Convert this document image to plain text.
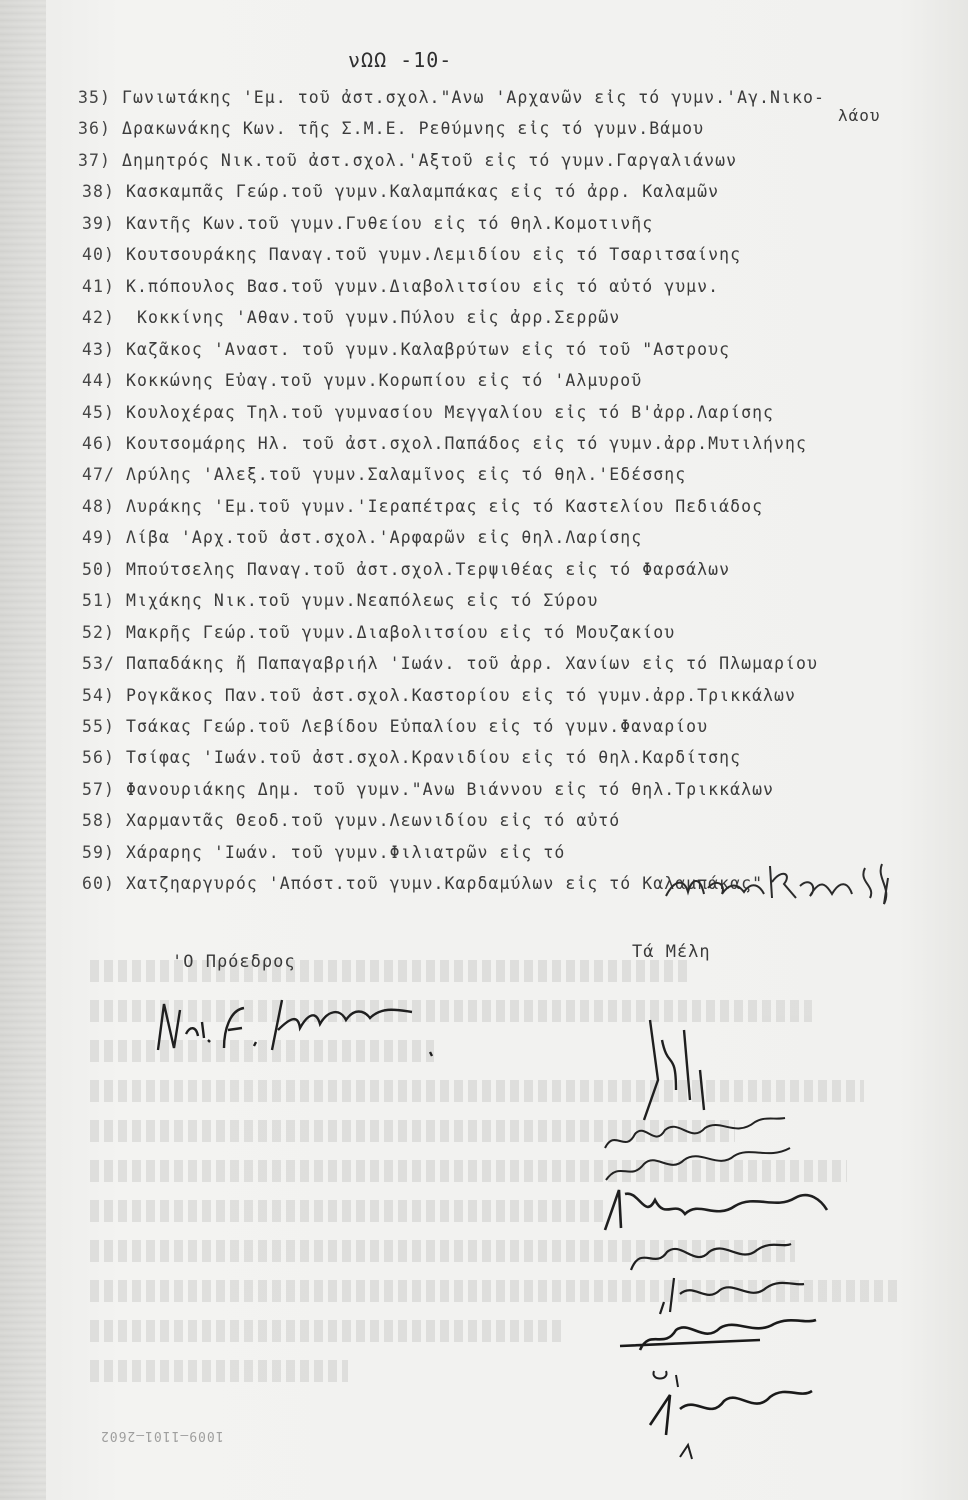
νΩΩ -10-
35) Γωνιωτάκης 'Εμ. τοῦ ἀστ.σχολ."Ανω 'Αρχανῶν εἰς τό γυμν.'Αγ.Νικο-
36) Δρακωνάκης Κων. τῆς Σ.Μ.Ε. Ρεθύμνης εἰς τό γυμν.Βάμου
37) Δημητρός Νικ.τοῦ ἀστ.σχολ.'Αξτοῦ εἰς τό γυμν.Γαργαλιάνων
38) Κασκαμπᾶς Γεώρ.τοῦ γυμν.Καλαμπάκας εἰς τό ἀρρ. Καλαμῶν
39) Καντῆς Κων.τοῦ γυμν.Γυθείου εἰς τό θηλ.Κομοτινῆς
40) Κουτσουράκης Παναγ.τοῦ γυμν.Λεμιδίου εἰς τό Τσαριτσαίνης
41) Κ.πόπουλος Βασ.τοῦ γυμν.Διαβολιτσίου εἰς τό αὐτό γυμν.
42) Κοκκίνης 'Αθαν.τοῦ γυμν.Πύλου εἰς ἀρρ.Σερρῶν
43) Καζᾶκος 'Αναστ. τοῦ γυμν.Καλαβρύτων εἰς τό τοῦ "Αστρους
44) Κοκκώνης Εὐαγ.τοῦ γυμν.Κορωπίου εἰς τό 'Αλμυροῦ
45) Κουλοχέρας Τηλ.τοῦ γυμνασίου Μεγγαλίου εἰς τό Β'ἀρρ.Λαρίσης
46) Κουτσομάρης Ηλ. τοῦ ἀστ.σχολ.Παπάδος εἰς τό γυμν.ἀρρ.Μυτιλήνης
47/ Λρύλης 'Αλεξ.τοῦ γυμν.Σαλαμῖνος εἰς τό θηλ.'Εδέσσης
48) Λυράκης 'Εμ.τοῦ γυμν.'Ιεραπέτρας εἰς τό Καστελίου Πεδιάδος
49) Λίβα 'Αρχ.τοῦ ἀστ.σχολ.'Αρφαρῶν εἰς θηλ.Λαρίσης
50) Μπούτσελης Παναγ.τοῦ ἀστ.σχολ.Τερψιθέας εἰς τό Φαρσάλων
51) Μιχάκης Νικ.τοῦ γυμν.Νεαπόλεως εἰς τό Σύρου
52) Μακρῆς Γεώρ.τοῦ γυμν.Διαβολιτσίου εἰς τό Μουζακίου
53/ Παπαδάκης ἤ Παπαγαβριήλ 'Ιωάν. τοῦ ἀρρ. Χανίων εἰς τό Πλωμαρίου
54) Ρογκᾶκος Παν.τοῦ ἀστ.σχολ.Καστορίου εἰς τό γυμν.ἀρρ.Τρικκάλων
55) Τσάκας Γεώρ.τοῦ Λεβίδου Εὐπαλίου εἰς τό γυμν.Φαναρίου
56) Τσίφας 'Ιωάν.τοῦ ἀστ.σχολ.Κρανιδίου εἰς τό θηλ.Καρδίτσης
57) Φανουριάκης Δημ. τοῦ γυμν."Ανω Βιάννου εἰς τό θηλ.Τρικκάλων
58) Χαρμαντᾶς Θεοδ.τοῦ γυμν.Λεωνιδίου εἰς τό αὐτό
59) Χάραρης 'Ιωάν. τοῦ γυμν.Φιλιατρῶν εἰς τό
60) Χατζηαργυρός 'Απόστ.τοῦ γυμν.Καρδαμύλων εἰς τό Καλαμπάκας"
λάου
'Ο Πρόεδρος	Τά Μέλη
1009—1101—2602
